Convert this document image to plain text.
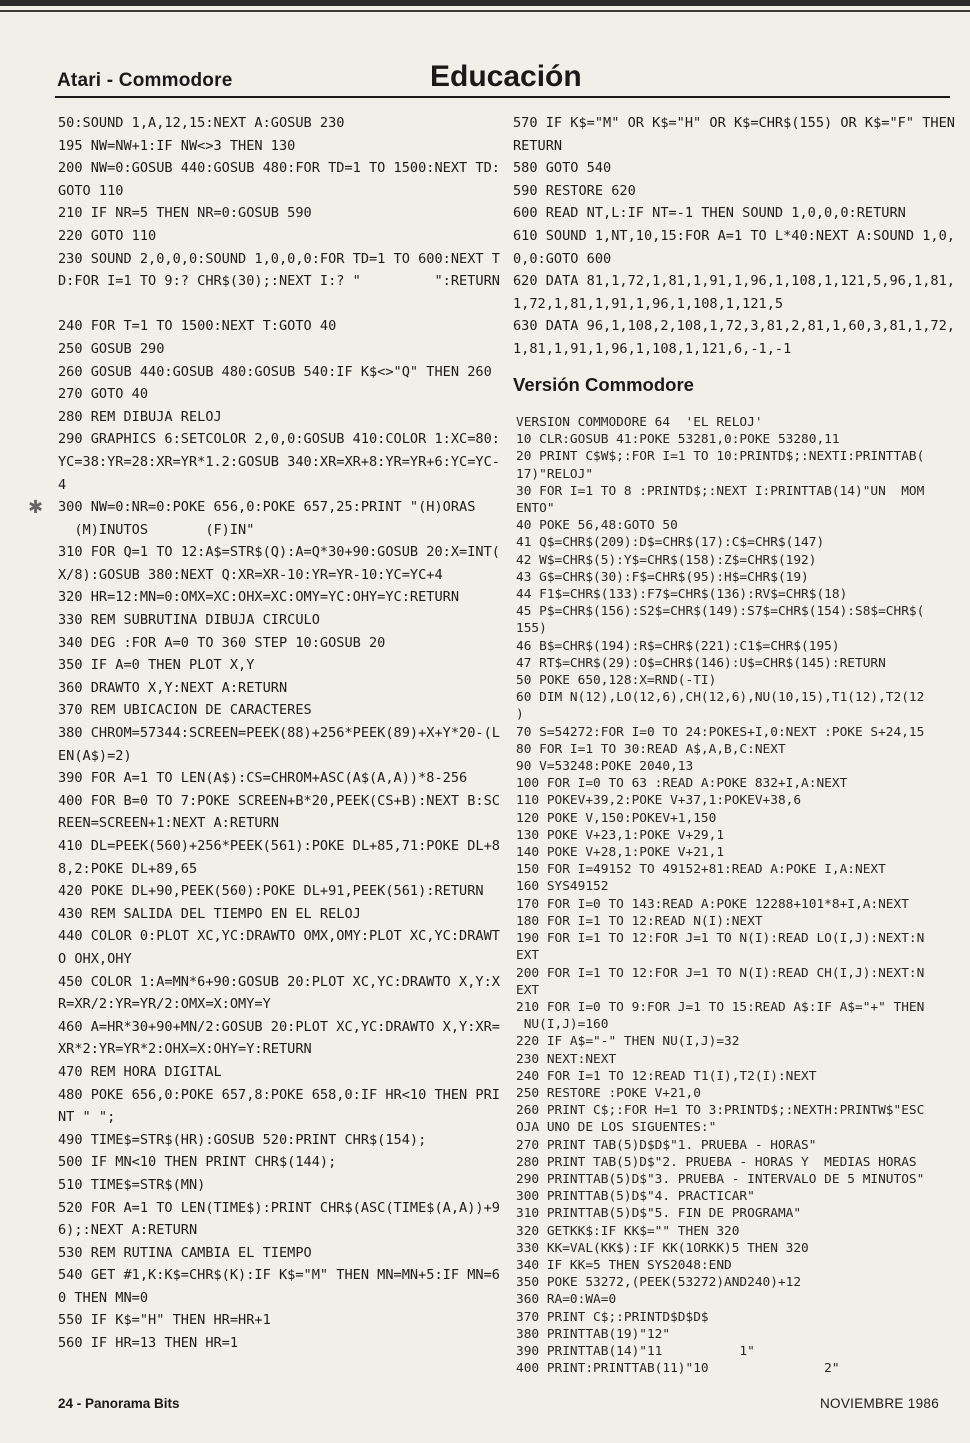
Atari - Commodore	Educación
✱
50:SOUND 1,A,12,15:NEXT A:GOSUB 230
195 NW=NW+1:IF NW<>3 THEN 130
200 NW=0:GOSUB 440:GOSUB 480:FOR TD=1 TO 1500:NEXT TD:
GOTO 110
210 IF NR=5 THEN NR=0:GOSUB 590
220 GOTO 110
230 SOUND 2,0,0,0:SOUND 1,0,0,0:FOR TD=1 TO 600:NEXT T
D:FOR I=1 TO 9:? CHR$(30);:NEXT I:? "         ":RETURN

240 FOR T=1 TO 1500:NEXT T:GOTO 40
250 GOSUB 290
260 GOSUB 440:GOSUB 480:GOSUB 540:IF K$<>"Q" THEN 260
270 GOTO 40
280 REM DIBUJA RELOJ
290 GRAPHICS 6:SETCOLOR 2,0,0:GOSUB 410:COLOR 1:XC=80:
YC=38:YR=28:XR=YR*1.2:GOSUB 340:XR=XR+8:YR=YR+6:YC=YC-
4
300 NW=0:NR=0:POKE 656,0:POKE 657,25:PRINT "(H)ORAS
(M)INUTOS       (F)IN"
310 FOR Q=1 TO 12:A$=STR$(Q):A=Q*30+90:GOSUB 20:X=INT(
X/8):GOSUB 380:NEXT Q:XR=XR-10:YR=YR-10:YC=YC+4
320 HR=12:MN=0:OMX=XC:OHX=XC:OMY=YC:OHY=YC:RETURN
330 REM SUBRUTINA DIBUJA CIRCULO
340 DEG :FOR A=0 TO 360 STEP 10:GOSUB 20
350 IF A=0 THEN PLOT X,Y
360 DRAWTO X,Y:NEXT A:RETURN
370 REM UBICACION DE CARACTERES
380 CHROM=57344:SCREEN=PEEK(88)+256*PEEK(89)+X+Y*20-(L
EN(A$)=2)
390 FOR A=1 TO LEN(A$):CS=CHROM+ASC(A$(A,A))*8-256
400 FOR B=0 TO 7:POKE SCREEN+B*20,PEEK(CS+B):NEXT B:SC
REEN=SCREEN+1:NEXT A:RETURN
410 DL=PEEK(560)+256*PEEK(561):POKE DL+85,71:POKE DL+8
8,2:POKE DL+89,65
420 POKE DL+90,PEEK(560):POKE DL+91,PEEK(561):RETURN
430 REM SALIDA DEL TIEMPO EN EL RELOJ
440 COLOR 0:PLOT XC,YC:DRAWTO OMX,OMY:PLOT XC,YC:DRAWT
O OHX,OHY
450 COLOR 1:A=MN*6+90:GOSUB 20:PLOT XC,YC:DRAWTO X,Y:X
R=XR/2:YR=YR/2:OMX=X:OMY=Y
460 A=HR*30+90+MN/2:GOSUB 20:PLOT XC,YC:DRAWTO X,Y:XR=
XR*2:YR=YR*2:OHX=X:OHY=Y:RETURN
470 REM HORA DIGITAL
480 POKE 656,0:POKE 657,8:POKE 658,0:IF HR<10 THEN PRI
NT " ";
490 TIME$=STR$(HR):GOSUB 520:PRINT CHR$(154);
500 IF MN<10 THEN PRINT CHR$(144);
510 TIME$=STR$(MN)
520 FOR A=1 TO LEN(TIME$):PRINT CHR$(ASC(TIME$(A,A))+9
6);:NEXT A:RETURN
530 REM RUTINA CAMBIA EL TIEMPO
540 GET #1,K:K$=CHR$(K):IF K$="M" THEN MN=MN+5:IF MN=6
0 THEN MN=0
550 IF K$="H" THEN HR=HR+1
560 IF HR=13 THEN HR=1
570 IF K$="M" OR K$="H" OR K$=CHR$(155) OR K$="F" THEN
RETURN
580 GOTO 540
590 RESTORE 620
600 READ NT,L:IF NT=-1 THEN SOUND 1,0,0,0:RETURN
610 SOUND 1,NT,10,15:FOR A=1 TO L*40:NEXT A:SOUND 1,0,
0,0:GOTO 600
620 DATA 81,1,72,1,81,1,91,1,96,1,108,1,121,5,96,1,81,
1,72,1,81,1,91,1,96,1,108,1,121,5
630 DATA 96,1,108,2,108,1,72,3,81,2,81,1,60,3,81,1,72,
1,81,1,91,1,96,1,108,1,121,6,-1,-1
Versión Commodore
VERSION COMMODORE 64  'EL RELOJ'
10 CLR:GOSUB 41:POKE 53281,0:POKE 53280,11
20 PRINT C$W$;:FOR I=1 TO 10:PRINTD$;:NEXTI:PRINTTAB(
17)"RELOJ"
30 FOR I=1 TO 8 :PRINTD$;:NEXT I:PRINTTAB(14)"UN  MOM
ENTO"
40 POKE 56,48:GOTO 50
41 Q$=CHR$(209):D$=CHR$(17):C$=CHR$(147)
42 W$=CHR$(5):Y$=CHR$(158):Z$=CHR$(192)
43 G$=CHR$(30):F$=CHR$(95):H$=CHR$(19)
44 F1$=CHR$(133):F7$=CHR$(136):RV$=CHR$(18)
45 P$=CHR$(156):S2$=CHR$(149):S7$=CHR$(154):S8$=CHR$(
155)
46 B$=CHR$(194):R$=CHR$(221):C1$=CHR$(195)
47 RT$=CHR$(29):O$=CHR$(146):U$=CHR$(145):RETURN
50 POKE 650,128:X=RND(-TI)
60 DIM N(12),LO(12,6),CH(12,6),NU(10,15),T1(12),T2(12
)
70 S=54272:FOR I=0 TO 24:POKES+I,0:NEXT :POKE S+24,15
80 FOR I=1 TO 30:READ A$,A,B,C:NEXT
90 V=53248:POKE 2040,13
100 FOR I=0 TO 63 :READ A:POKE 832+I,A:NEXT
110 POKEV+39,2:POKE V+37,1:POKEV+38,6
120 POKE V,150:POKEV+1,150
130 POKE V+23,1:POKE V+29,1
140 POKE V+28,1:POKE V+21,1
150 FOR I=49152 TO 49152+81:READ A:POKE I,A:NEXT
160 SYS49152
170 FOR I=0 TO 143:READ A:POKE 12288+101*8+I,A:NEXT
180 FOR I=1 TO 12:READ N(I):NEXT
190 FOR I=1 TO 12:FOR J=1 TO N(I):READ LO(I,J):NEXT:N
EXT
200 FOR I=1 TO 12:FOR J=1 TO N(I):READ CH(I,J):NEXT:N
EXT
210 FOR I=0 TO 9:FOR J=1 TO 15:READ A$:IF A$="+" THEN
NU(I,J)=160
220 IF A$="-" THEN NU(I,J)=32
230 NEXT:NEXT
240 FOR I=1 TO 12:READ T1(I),T2(I):NEXT
250 RESTORE :POKE V+21,0
260 PRINT C$;:FOR H=1 TO 3:PRINTD$;:NEXTH:PRINTW$"ESC
OJA UNO DE LOS SIGUENTES:"
270 PRINT TAB(5)D$D$"1. PRUEBA - HORAS"
280 PRINT TAB(5)D$"2. PRUEBA - HORAS Y  MEDIAS HORAS
290 PRINTTAB(5)D$"3. PRUEBA - INTERVALO DE 5 MINUTOS"
300 PRINTTAB(5)D$"4. PRACTICAR"
310 PRINTTAB(5)D$"5. FIN DE PROGRAMA"
320 GETKK$:IF KK$="" THEN 320
330 KK=VAL(KK$):IF KK(1ORKK)5 THEN 320
340 IF KK=5 THEN SYS2048:END
350 POKE 53272,(PEEK(53272)AND240)+12
360 RA=0:WA=0
370 PRINT C$;:PRINTD$D$D$
380 PRINTTAB(19)"12"
390 PRINTTAB(14)"11          1"
400 PRINT:PRINTTAB(11)"10               2"
24 - Panorama Bits	NOVIEMBRE 1986
